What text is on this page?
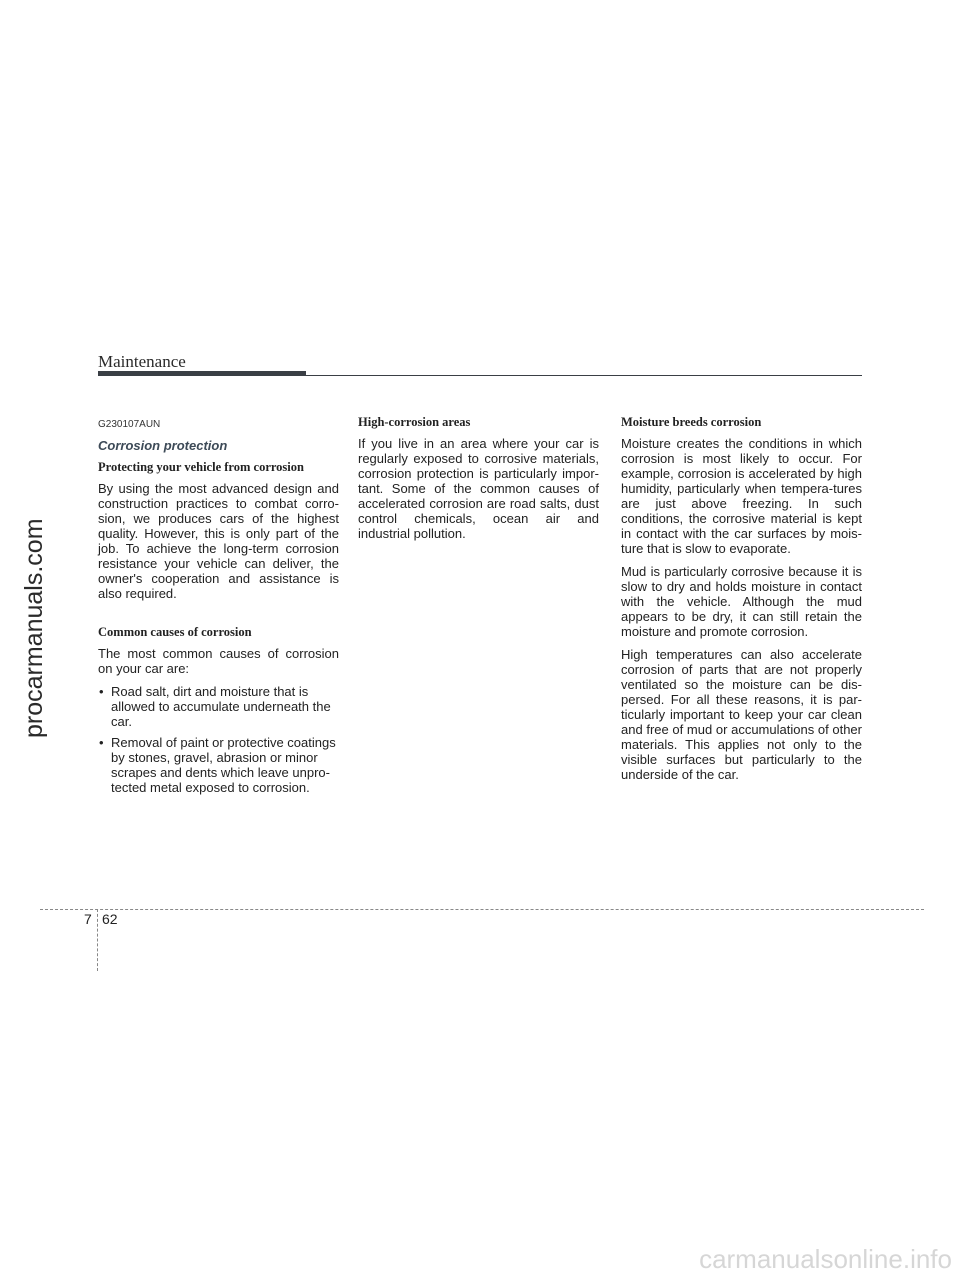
Maintenance
G230107AUN
Corrosion protection
Protecting your vehicle from corrosion

By using the most advanced design and construction practices to combat corro-sion, we produces cars of the highest quality. However, this is only part of the job. To achieve the long-term corrosion resistance your vehicle can deliver, the owner's cooperation and assistance is also required.

Common causes of corrosion

The most common causes of corrosion on your car are:

• Road salt, dirt and moisture that is allowed to accumulate underneath the car.
• Removal of paint or protective coatings by stones, gravel, abrasion or minor scrapes and dents which leave unpro-tected metal exposed to corrosion.
High-corrosion areas

If you live in an area where your car is regularly exposed to corrosive materials, corrosion protection is particularly impor-tant. Some of the common causes of accelerated corrosion are road salts, dust control chemicals, ocean air and industrial pollution.

Moisture breeds corrosion

Moisture creates the conditions in which corrosion is most likely to occur. For example, corrosion is accelerated by high humidity, particularly when tempera-tures are just above freezing. In such conditions, the corrosive material is kept in contact with the car surfaces by mois-ture that is slow to evaporate.

Mud is particularly corrosive because it is slow to dry and holds moisture in contact with the vehicle. Although the mud appears to be dry, it can still retain the moisture and promote corrosion.

High temperatures can also accelerate corrosion of parts that are not properly ventilated so the moisture can be dis-persed. For all these reasons, it is par-ticularly important to keep your car clean and free of mud or accumulations of other materials. This applies not only to the visible surfaces but particularly to the underside of the car.

7 62
procarmanuals.com
carmanualsonline.info
